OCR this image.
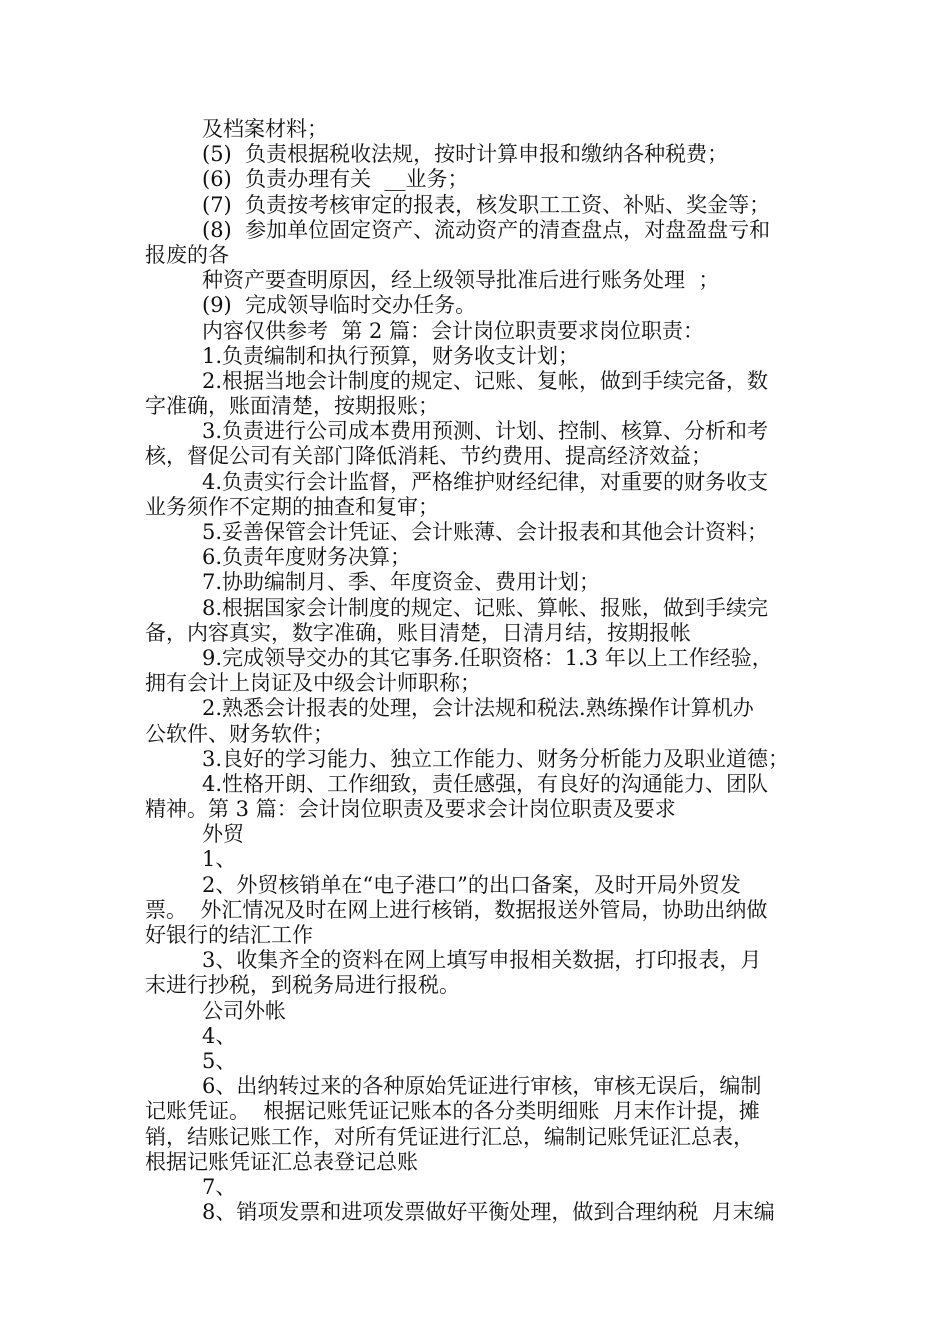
及档案材料；
(5)  负责根据税收法规，按时计算申报和缴纳各种税费；
(6)  负责办理有关  __业务；
(7)  负责按考核审定的报表，核发职工工资、补贴、奖金等；
(8)  参加单位固定资产、流动资产的清查盘点，对盘盈盘亏和
报废的各
种资产要查明原因，经上级领导批准后进行账务处理  ；
(9)  完成领导临时交办任务。
内容仅供参考  第 2 篇：会计岗位职责要求岗位职责：
1.负责编制和执行预算，财务收支计划；
2.根据当地会计制度的规定、记账、复帐，做到手续完备，数
字准确，账面清楚，按期报账；
3.负责进行公司成本费用预测、计划、控制、核算、分析和考
核，督促公司有关部门降低消耗、节约费用、提高经济效益；
4.负责实行会计监督，严格维护财经纪律，对重要的财务收支
业务须作不定期的抽查和复审；
5.妥善保管会计凭证、会计账薄、会计报表和其他会计资料；
6.负责年度财务决算；
7.协助编制月、季、年度资金、费用计划；
8.根据国家会计制度的规定、记账、算帐、报账，做到手续完
备，内容真实，数字准确，账目清楚，日清月结，按期报帐
9.完成领导交办的其它事务.任职资格：1.3 年以上工作经验，
拥有会计上岗证及中级会计师职称；
2.熟悉会计报表的处理，会计法规和税法.熟练操作计算机办
公软件、财务软件；
3.良好的学习能力、独立工作能力、财务分析能力及职业道德；
4.性格开朗、工作细致，责任感强，有良好的沟通能力、团队
精神。第 3 篇：会计岗位职责及要求会计岗位职责及要求
外贸
1、
2、外贸核销单在“电子港口”的出口备案，及时开局外贸发
票。  外汇情况及时在网上进行核销，数据报送外管局，协助出纳做
好银行的结汇工作
3、收集齐全的资料在网上填写申报相关数据，打印报表，月
末进行抄税，到税务局进行报税。
公司外帐
4、
5、
6、出纳转过来的各种原始凭证进行审核，审核无误后，编制
记账凭证。  根据记账凭证记账本的各分类明细账  月末作计提，摊
销，结账记账工作，对所有凭证进行汇总，编制记账凭证汇总表，
根据记账凭证汇总表登记总账
7、
8、销项发票和进项发票做好平衡处理，做到合理纳税  月末编
